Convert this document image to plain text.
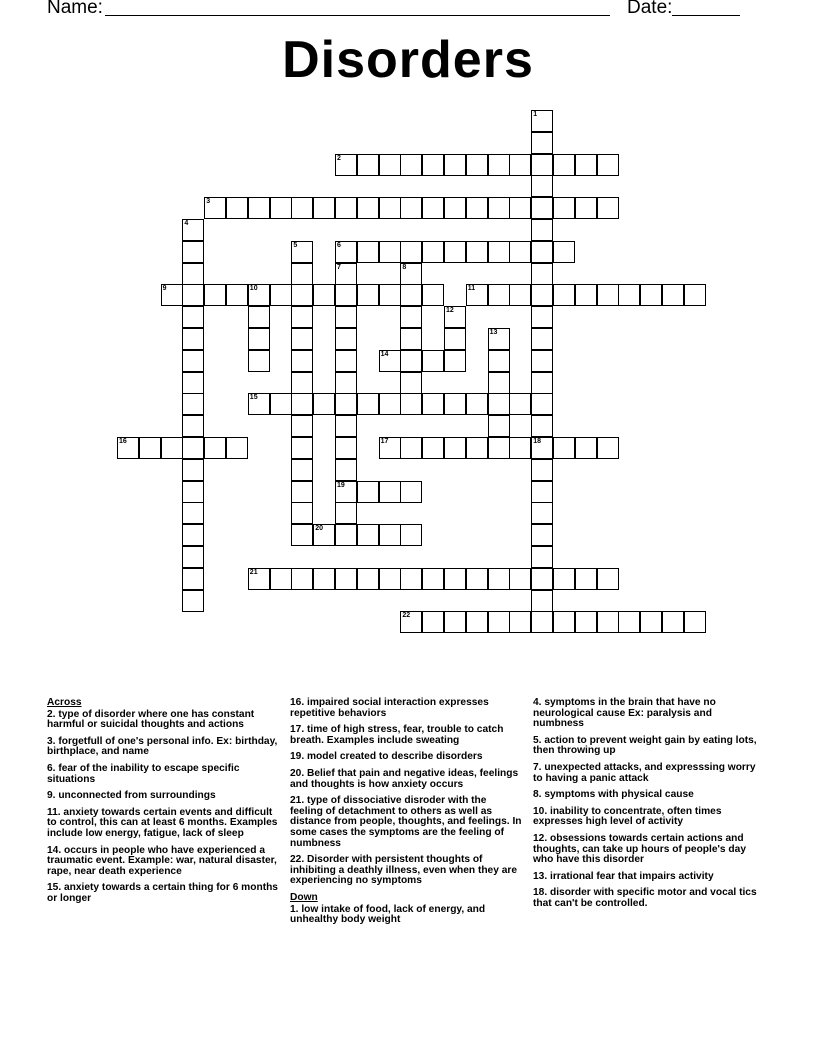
Name:	Date:
Disorders
2
3
6
9	10	11
14
15
16	17	18
19
20
21
22
1
4
5
7	8
12
13
Across
2. type of disorder where one has constant harmful or suicidal thoughts and actions
3. forgetfull of one's personal info. Ex: birthday, birthplace, and name
6. fear of the inability to escape specific situations
9. unconnected from surroundings
11. anxiety towards certain events and difficult to control, this can at least 6 months. Examples include low energy, fatigue, lack of sleep
14. occurs in people who have experienced a traumatic event. Example: war, natural disaster, rape, near death experience
15. anxiety towards a certain thing for 6 months or longer
16. impaired social interaction expresses repetitive behaviors
17. time of high stress, fear, trouble to catch breath. Examples include sweating
19. model created to describe disorders
20. Belief that pain and negative ideas, feelings and thoughts is how anxiety occurs
21. type of dissociative disroder with the feeling of detachment to others as well as distance from people, thoughts, and feelings. In some cases the symptoms are the feeling of numbness
22. Disorder with persistent thoughts of inhibiting a deathly illness, even when they are experiencing no symptoms
Down
1. low intake of food, lack of energy, and unhealthy body weight
4. symptoms in the brain that have no neurological cause Ex: paralysis and numbness
5. action to prevent weight gain by eating lots, then throwing up
7. unexpected attacks, and expresssing worry to having a panic attack
8. symptoms with physical cause
10. inability to concentrate, often times expresses high level of activity
12. obsessions towards certain actions and thoughts, can take up hours of people's day who have this disorder
13. irrational fear that impairs activity
18. disorder with specific motor and vocal tics that can't be controlled.
